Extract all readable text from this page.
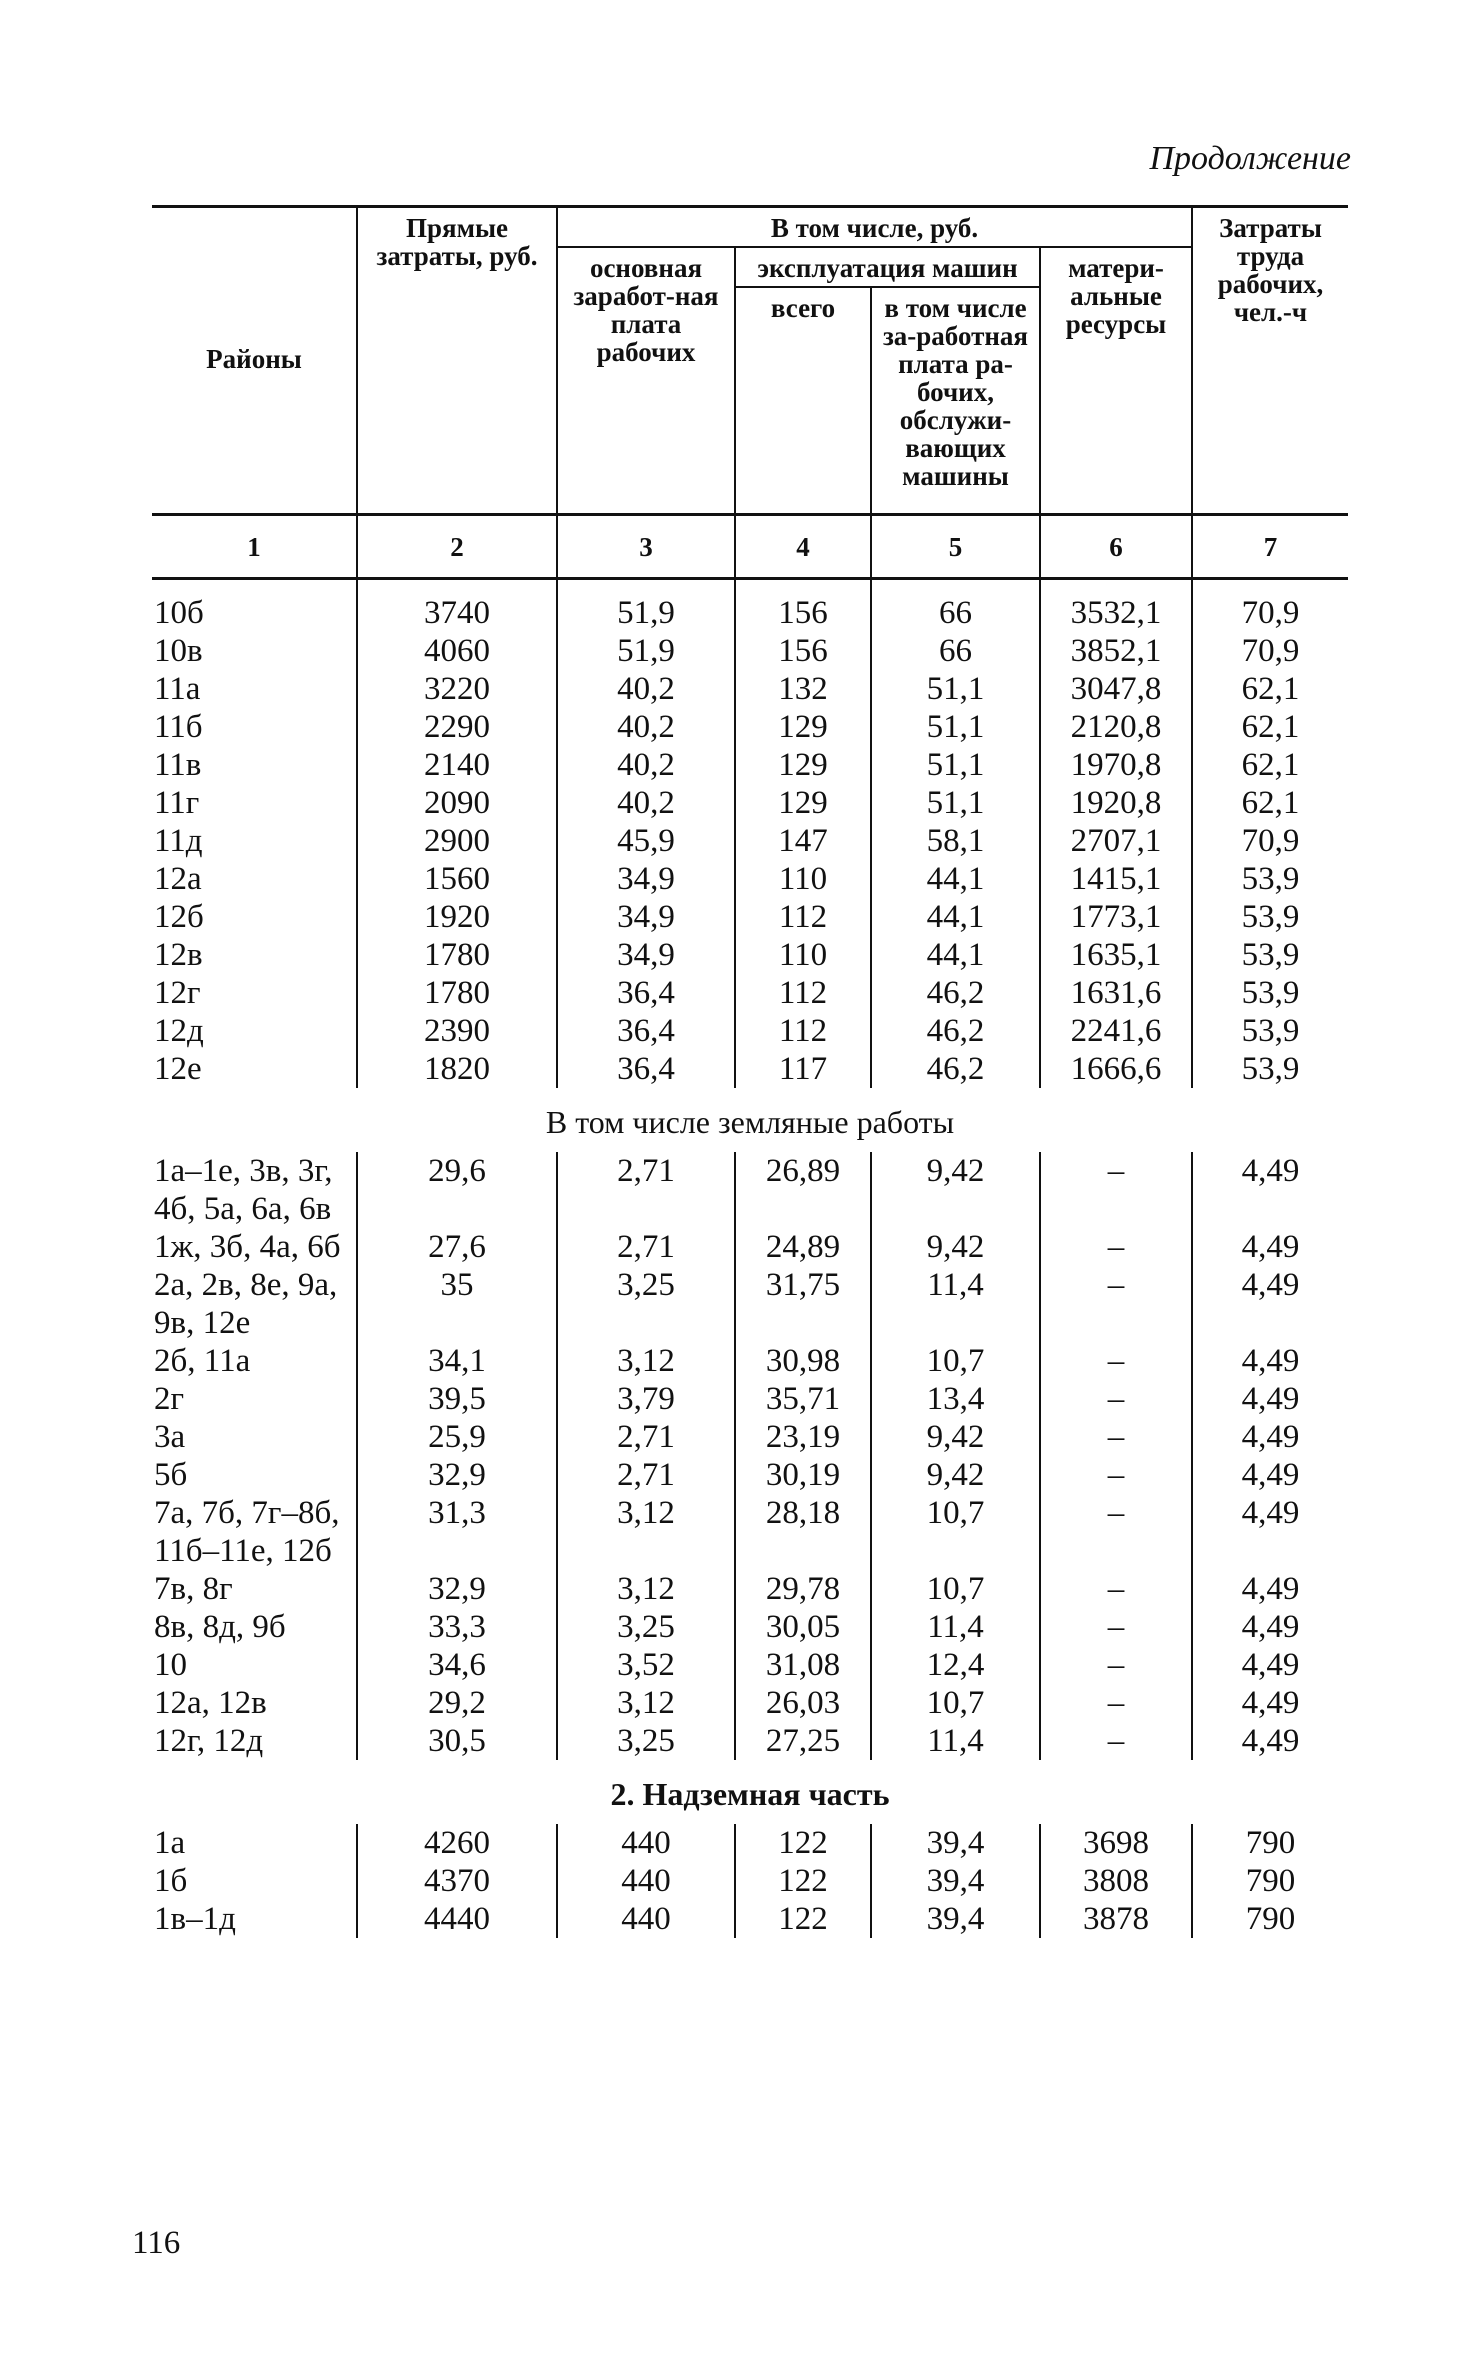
Продолжение
Районы	Прямые затраты, руб.	В том числе, руб.				Затраты труда рабочих, чел.-ч
		основная заработ-ная плата рабочих	эксплуатация машин		матери-альные ресурсы	
			всего	в том числе за-работная плата ра-бочих, обслужи-вающих машины		
1	2	3	4	5	6	7
10б	3740	51,9	156	66	3532,1	70,9
10в	4060	51,9	156	66	3852,1	70,9
11а	3220	40,2	132	51,1	3047,8	62,1
11б	2290	40,2	129	51,1	2120,8	62,1
11в	2140	40,2	129	51,1	1970,8	62,1
11г	2090	40,2	129	51,1	1920,8	62,1
11д	2900	45,9	147	58,1	2707,1	70,9
12а	1560	34,9	110	44,1	1415,1	53,9
12б	1920	34,9	112	44,1	1773,1	53,9
12в	1780	34,9	110	44,1	1635,1	53,9
12г	1780	36,4	112	46,2	1631,6	53,9
12д	2390	36,4	112	46,2	2241,6	53,9
12е	1820	36,4	117	46,2	1666,6	53,9
В том числе земляные работы						
1а–1е, 3в, 3г, 4б, 5а, 6а, 6в	29,6	2,71	26,89	9,42	–	4,49
1ж, 3б, 4а, 6б	27,6	2,71	24,89	9,42	–	4,49
2а, 2в, 8е, 9а, 9в, 12е	35	3,25	31,75	11,4	–	4,49
2б, 11а	34,1	3,12	30,98	10,7	–	4,49
2г	39,5	3,79	35,71	13,4	–	4,49
3а	25,9	2,71	23,19	9,42	–	4,49
5б	32,9	2,71	30,19	9,42	–	4,49
7а, 7б, 7г–8б, 11б–11е, 12б	31,3	3,12	28,18	10,7	–	4,49
7в, 8г	32,9	3,12	29,78	10,7	–	4,49
8в, 8д, 9б	33,3	3,25	30,05	11,4	–	4,49
10	34,6	3,52	31,08	12,4	–	4,49
12а, 12в	29,2	3,12	26,03	10,7	–	4,49
12г, 12д	30,5	3,25	27,25	11,4	–	4,49
2. Надземная часть						
1а	4260	440	122	39,4	3698	790
1б	4370	440	122	39,4	3808	790
1в–1д	4440	440	122	39,4	3878	790
116
